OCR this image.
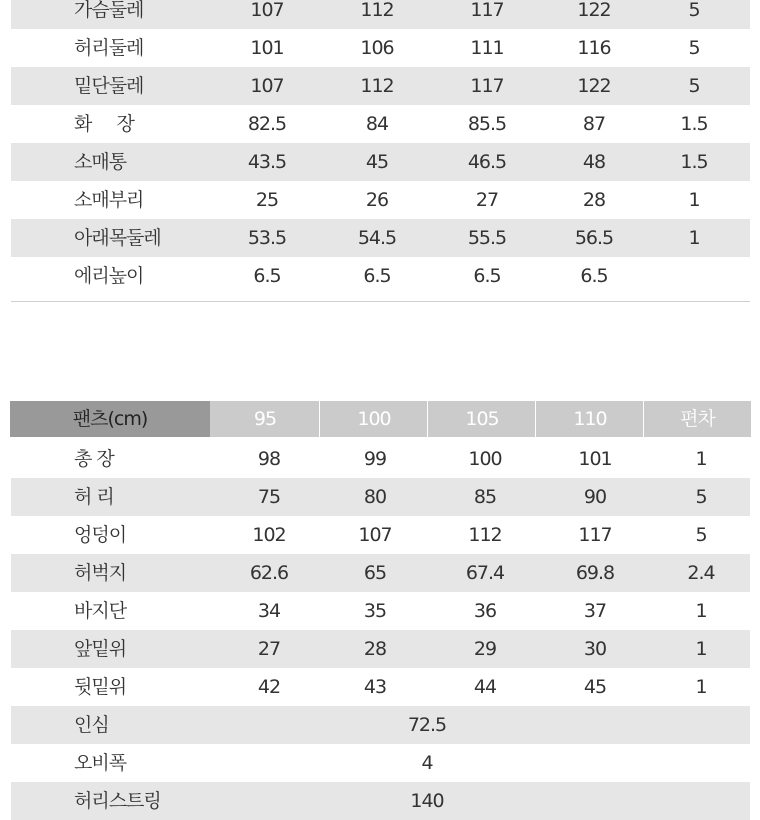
가슴둘레	107	112	117	122	5
허리둘레	101	106	111	116	5
밑단둘레	107	112	117	122	5
화     장	82.5	84	85.5	87	1.5
소매통	43.5	45	46.5	48	1.5
소매부리	25	26	27	28	1
아래목둘레	53.5	54.5	55.5	56.5	1
에리높이	6.5	6.5	6.5	6.5
팬츠(cm)	95	100	105	110	편차
총 장	98	99	100	101	1
허 리	75	80	85	90	5
엉덩이	102	107	112	117	5
허벅지	62.6	65	67.4	69.8	2.4
바지단	34	35	36	37	1
앞밑위	27	28	29	30	1
뒷밑위	42	43	44	45	1
인심	72.5
오비폭	4
허리스트링	140
